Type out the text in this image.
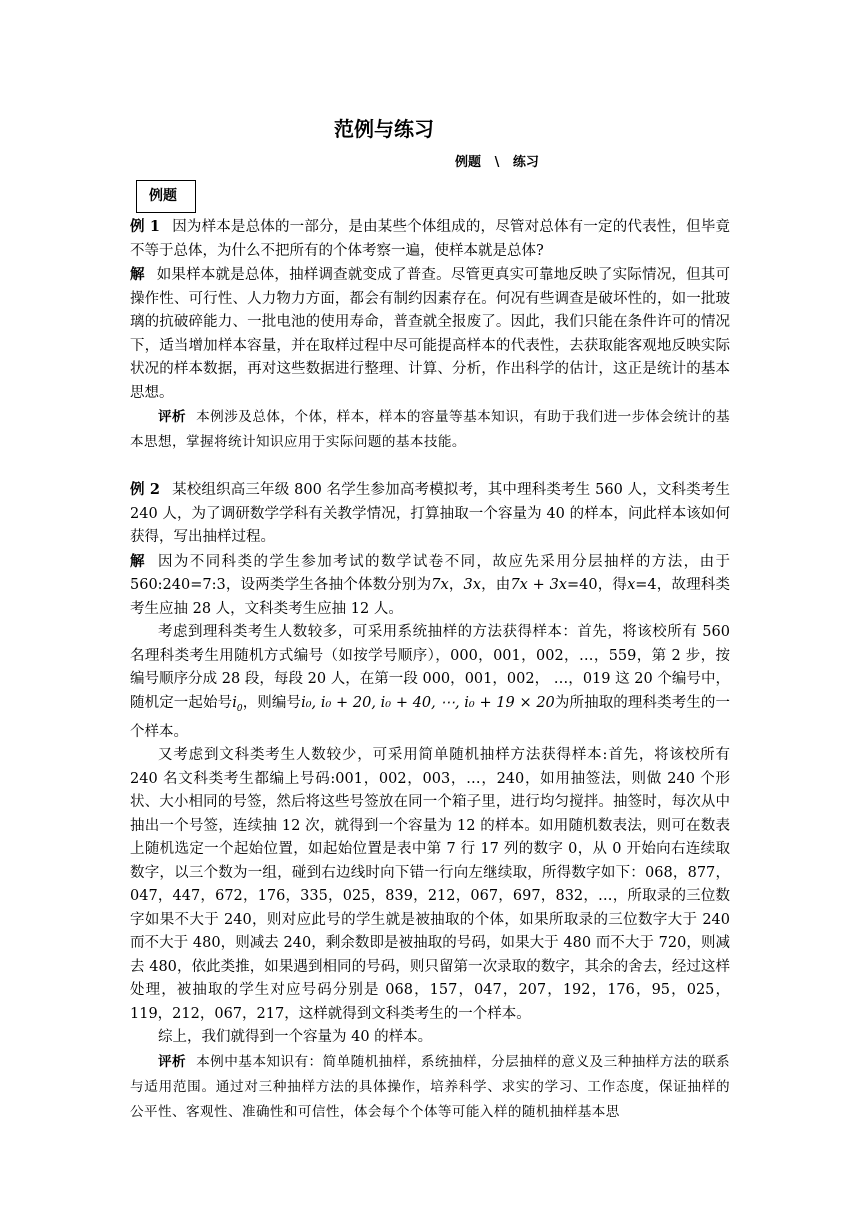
范例与练习
例题 \ 练习
例题

例 1 因为样本是总体的一部分，是由某些个体组成的，尽管对总体有一定的代表性，但毕竟不等于总体，为什么不把所有的个体考察一遍，使样本就是总体?

解 如果样本就是总体，抽样调查就变成了普查。尽管更真实可靠地反映了实际情况，但其可操作性、可行性、人力物力方面，都会有制约因素存在。何况有些调查是破坏性的，如一批玻璃的抗破碎能力、一批电池的使用寿命，普查就全报废了。因此，我们只能在条件许可的情况下，适当增加样本容量，并在取样过程中尽可能提高样本的代表性，去获取能客观地反映实际状况的样本数据，再对这些数据进行整理、计算、分析，作出科学的估计，这正是统计的基本思想。

评析 本例涉及总体，个体，样本，样本的容量等基本知识，有助于我们进一步体会统计的基本思想，掌握将统计知识应用于实际问题的基本技能。

例 2 某校组织高三年级 800 名学生参加高考模拟考，其中理科类考生 560 人，文科类考生 240 人，为了调研数学学科有关教学情况，打算抽取一个容量为 40 的样本，问此样本该如何获得，写出抽样过程。

解 因为不同科类的学生参加考试的数学试卷不同，故应先采用分层抽样的方法，由于 560:240=7:3，设两类学生各抽个体数分别为7x，3x，由7x + 3x=40，得x=4，故理科类考生应抽 28 人，文科类考生应抽 12 人。

考虑到理科类考生人数较多，可采用系统抽样的方法获得样本：首先，将该校所有 560 名理科类考生用随机方式编号（如按学号顺序），000，001，002，…，559，第 2 步，按编号顺序分成 28 段，每段 20 人，在第一段 000，001，002， …，019 这 20 个编号中，随机定一起始号$i_0$，则编号i₀, i₀ + 20, i₀ + 40, ⋯, i₀ + 19 × 20为所抽取的理科类考生的一个样本。

又考虑到文科类考生人数较少，可采用简单随机抽样方法获得样本:首先，将该校所有 240 名文科类考生都编上号码:001，002，003，…，240，如用抽签法，则做 240 个形状、大小相同的号签，然后将这些号签放在同一个箱子里，进行均匀搅拌。抽签时，每次从中抽出一个号签，连续抽 12 次，就得到一个容量为 12 的样本。如用随机数表法，则可在数表上随机选定一个起始位置，如起始位置是表中第 7 行 17 列的数字 0，从 0 开始向右连续取数字，以三个数为一组，碰到右边线时向下错一行向左继续取，所得数字如下：068，877，047，447，672，176，335，025，839，212，067，697，832，…，所取录的三位数字如果不大于 240，则对应此号的学生就是被抽取的个体，如果所取录的三位数字大于 240 而不大于 480，则减去 240，剩余数即是被抽取的号码，如果大于 480 而不大于 720，则减去 480，依此类推，如果遇到相同的号码，则只留第一次录取的数字，其余的舍去，经过这样处理，被抽取的学生对应号码分别是 068，157，047，207，192，176，95，025，119，212，067，217，这样就得到文科类考生的一个样本。

综上，我们就得到一个容量为 40 的样本。

评析 本例中基本知识有：简单随机抽样，系统抽样，分层抽样的意义及三种抽样方法的联系与适用范围。通过对三种抽样方法的具体操作，培养科学、求实的学习、工作态度，保证抽样的公平性、客观性、准确性和可信性，体会每个个体等可能入样的随机抽样基本思
